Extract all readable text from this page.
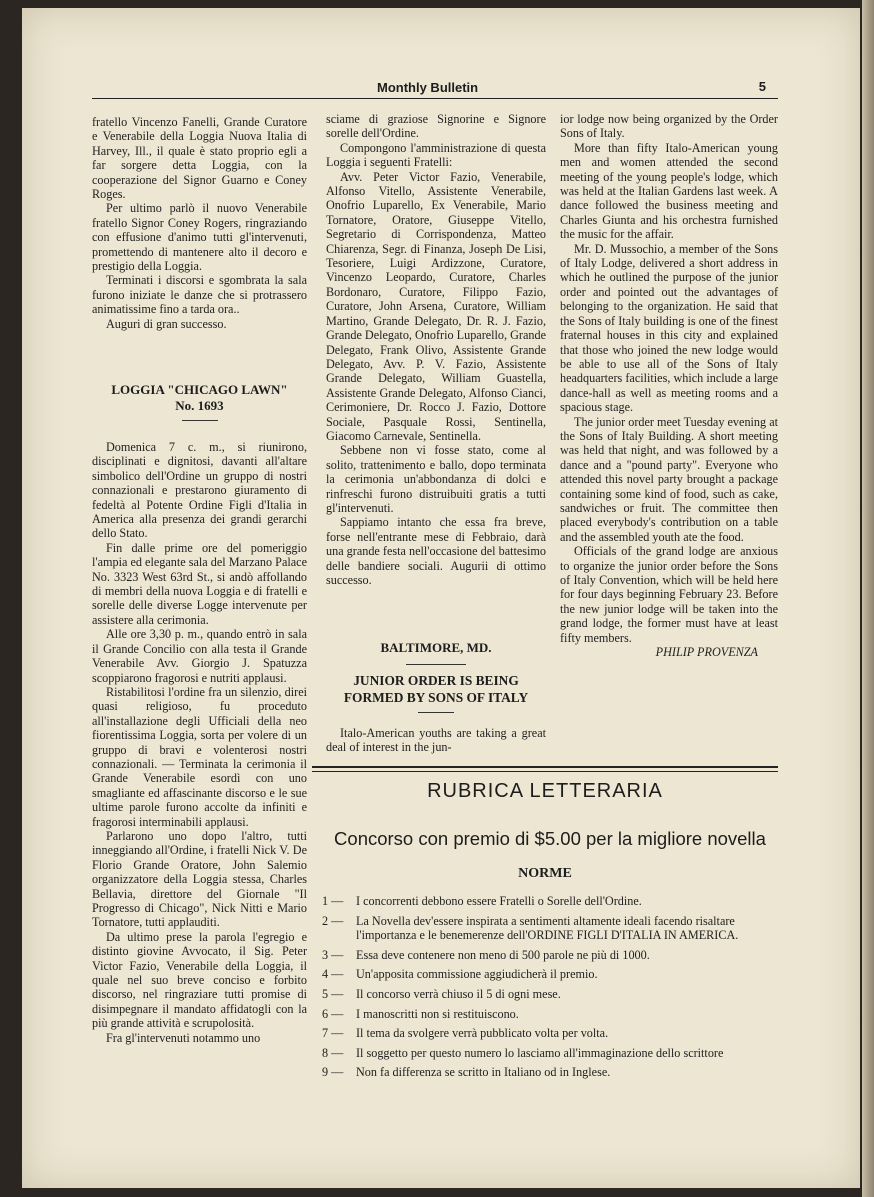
Monthly Bulletin	5

fratello Vincenzo Fanelli, Grande Curatore e Venerabile della Loggia Nuova Italia di Harvey, Ill., il quale è stato proprio egli a far sorgere detta Loggia, con la cooperazione del Signor Guarno e Coney Roges.

Per ultimo parlò il nuovo Venerabile fratello Signor Coney Rogers, ringraziando con effusione d'animo tutti gl'intervenuti, promettendo di mantenere alto il decoro e prestigio della Loggia.

Terminati i discorsi e sgombrata la sala furono iniziate le danze che si protrassero animatissime fino a tarda ora..

Auguri di gran successo.

LOGGIA "CHICAGO LAWN"
No. 1693

Domenica 7 c. m., si riunirono, disciplinati e dignitosi, davanti all'altare simbolico dell'Ordine un gruppo di nostri connazionali e prestarono giuramento di fedeltà al Potente Ordine Figli d'Italia in America alla presenza dei grandi gerarchi dello Stato.

Fin dalle prime ore del pomeriggio l'ampia ed elegante sala del Marzano Palace No. 3323 West 63rd St., si andò affollando di membri della nuova Loggia e di fratelli e sorelle delle diverse Logge intervenute per assistere alla cerimonia.

Alle ore 3,30 p. m., quando entrò in sala il Grande Concilio con alla testa il Grande Venerabile Avv. Giorgio J. Spatuzza scoppiarono fragorosi e nutriti applausi.

Ristabilitosi l'ordine fra un silenzio, direi quasi religioso, fu proceduto all'installazione degli Ufficiali della neo fiorentissima Loggia, sorta per volere di un gruppo di bravi e volenterosi nostri connazionali. — Terminata la cerimonia il Grande Venerabile esordì con uno smagliante ed affascinante discorso e le sue ultime parole furono accolte da infiniti e fragorosi interminabili applausi.

Parlarono uno dopo l'altro, tutti inneggiando all'Ordine, i fratelli Nick V. De Florio Grande Oratore, John Salemio organizzatore della Loggia stessa, Charles Bellavia, direttore del Giornale "Il Progresso di Chicago", Nick Nitti e Mario Tornatore, tutti applauditi.

Da ultimo prese la parola l'egregio e distinto giovine Avvocato, il Sig. Peter Victor Fazio, Venerabile della Loggia, il quale nel suo breve conciso e forbito discorso, nel ringraziare tutti promise di disimpegnare il mandato affidatogli con la più grande attività e scrupolosità.

Fra gl'intervenuti notammo uno

sciame di graziose Signorine e Signore sorelle dell'Ordine.

Compongono l'amministrazione di questa Loggia i seguenti Fratelli:

Avv. Peter Victor Fazio, Venerabile, Alfonso Vitello, Assistente Venerabile, Onofrio Luparello, Ex Venerabile, Mario Tornatore, Oratore, Giuseppe Vitello, Segretario di Corrispondenza, Matteo Chiarenza, Segr. di Finanza, Joseph De Lisi, Tesoriere, Luigi Ardizzone, Curatore, Vincenzo Leopardo, Curatore, Charles Bordonaro, Curatore, Filippo Fazio, Curatore, John Arsena, Curatore, William Martino, Grande Delegato, Dr. R. J. Fazio, Grande Delegato, Onofrio Luparello, Grande Delegato, Frank Olivo, Assistente Grande Delegato, Avv. P. V. Fazio, Assistente Grande Delegato, William Guastella, Assistente Grande Delegato, Alfonso Cianci, Cerimoniere, Dr. Rocco J. Fazio, Dottore Sociale, Pasquale Rossi, Sentinella, Giacomo Carnevale, Sentinella.

Sebbene non vi fosse stato, come al solito, trattenimento e ballo, dopo terminata la cerimonia un'abbondanza di dolci e rinfreschi furono distruibuiti gratis a tutti gl'intervenuti.

Sappiamo intanto che essa fra breve, forse nell'entrante mese di Febbraio, darà una grande festa nell'occasione del battesimo delle bandiere sociali. Augurii di ottimo successo.

BALTIMORE, MD.
JUNIOR ORDER IS BEING
FORMED BY SONS OF ITALY

Italo-American youths are taking a great deal of interest in the jun-

ior lodge now being organized by the Order Sons of Italy.

More than fifty Italo-American young men and women attended the second meeting of the young people's lodge, which was held at the Italian Gardens last week. A dance followed the business meeting and Charles Giunta and his orchestra furnished the music for the affair.

Mr. D. Mussochio, a member of the Sons of Italy Lodge, delivered a short address in which he outlined the purpose of the junior order and pointed out the advantages of belonging to the organization. He said that the Sons of Italy building is one of the finest fraternal houses in this city and explained that those who joined the new lodge would be able to use all of the Sons of Italy headquarters facilities, which include a large dance-hall as well as meeting rooms and a spacious stage.

The junior order meet Tuesday evening at the Sons of Italy Building. A short meeting was held that night, and was followed by a dance and a "pound party". Everyone who attended this novel party brought a package containing some kind of food, such as cake, sandwiches or fruit. The committee then placed everybody's contribution on a table and the assembled youth ate the food.

Officials of the grand lodge are anxious to organize the junior order before the Sons of Italy Convention, which will be held here for four days beginning February 23. Before the new junior lodge will be taken into the grand lodge, the former must have at least fifty members.

PHILIP PROVENZA

RUBRICA LETTERARIA
Concorso con premio di $5.00 per la migliore novella
NORME
1 — I concorrenti debbono essere Fratelli o Sorelle dell'Ordine.
2 — La Novella dev'essere inspirata a sentimenti altamente ideali facendo risaltare l'importanza e le benemerenze dell'ORDINE FIGLI D'ITALIA IN AMERICA.
3 — Essa deve contenere non meno di 500 parole ne più di 1000.
4 — Un'apposita commissione aggiudicherà il premio.
5 — Il concorso verrà chiuso il 5 di ogni mese.
6 — I manoscritti non si restituiscono.
7 — Il tema da svolgere verrà pubblicato volta per volta.
8 — Il soggetto per questo numero lo lasciamo all'immaginazione dello scrittore
9 — Non fa differenza se scritto in Italiano od in Inglese.
